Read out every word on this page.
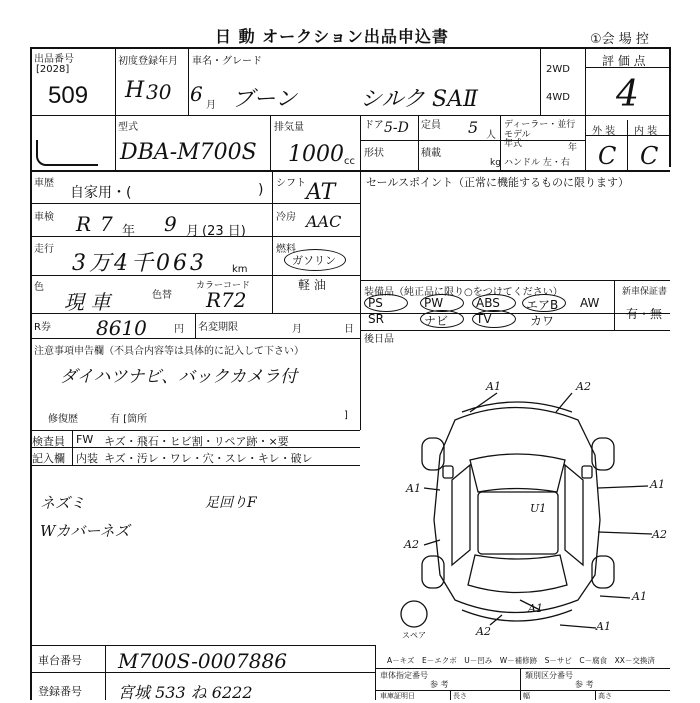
日 動 オークション出品申込書	①会 場 控
出品番号
[2028]
509
初度登録年月
H 30 6 月
車名・グレード
ブーン	シルク SAⅡ
2WD
4WD
評 価 点
4
外 装 内 装
C C
型式
DBA-M700S
排気量
1000 cc
ドア 5-D 定員 5 人
ディーラー・並行
モデル年式	年
ハンドル 左・右
形状	積載
kg
車歴
自家用・(	) シフト AT
車検 R 7 年 9 月 (23 日)
冷房 AAC
走行
3万4千063	km
燃料
ガソリン
軽 油
色
現 車	色替
カラーコード
R72
R券 8610	円 名変期限	月	日
セールスポイント（正常に機能するものに限ります）
装備品（純正品に限り○をつけてください）	新車保証書
有・無
PS	PW	ABS エアB AW
SR	ナビ TV	カワ
後日品
注意事項申告欄（不具合内容等は具体的に記入して下さい）
ダイハツナビ、バックカメラ付
修復歴	有 [箇所	]
検査員
記入欄
FW キズ・飛石・ヒビ割・リペア跡・×要
内装 キズ・汚レ・ワレ・穴・スレ・キレ・破レ
ネズミ
Wカバーネズ
足回りF
A1	A2
A1	A1
A2
U1
A2
A1
A1
A2	A1
スペア
車台番号 M700S-0007886
登録番号 宮城 533 ね 6222
A－キズ　E－エクボ　U－凹み　W－補修跡　S－サビ　C－腐食　XX－交換済
車体指定番号
参 考
類別区分番号
参 考
車庫証明日	長さ	幅	高さ
